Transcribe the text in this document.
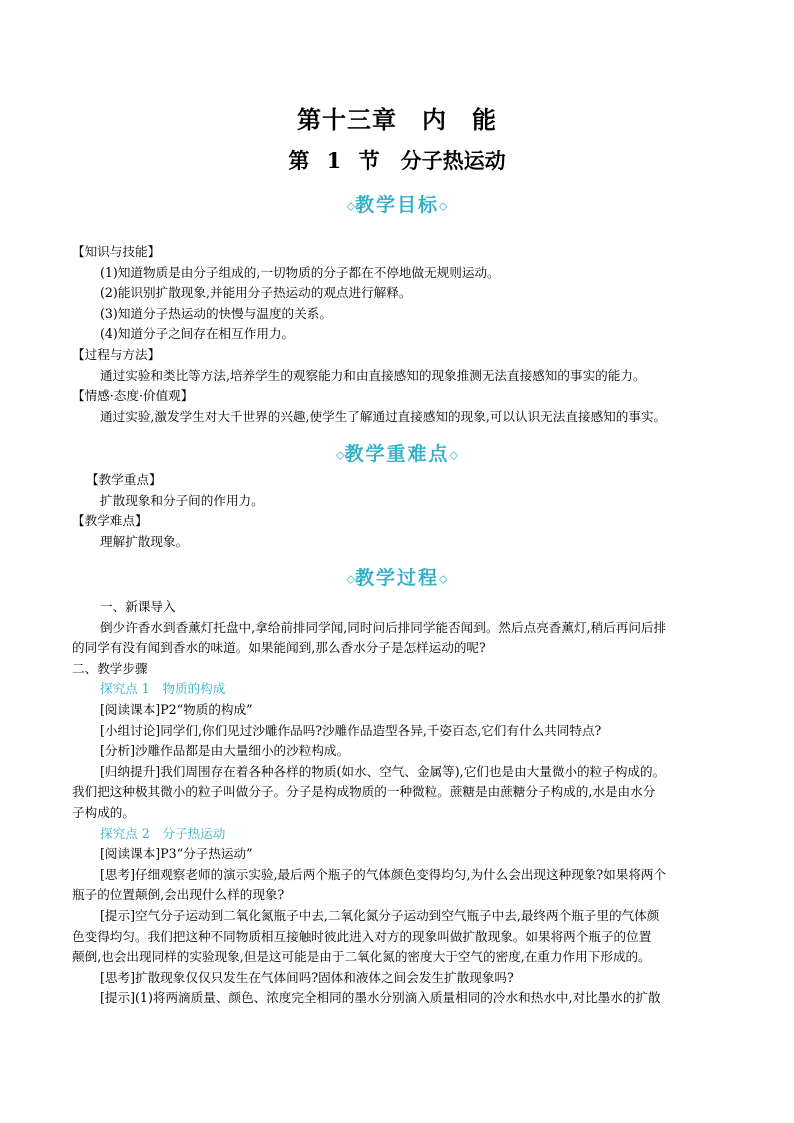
第十三章　内　能
第 1 节　分子热运动
◇教学目标◇
【知识与技能】
(1)知道物质是由分子组成的,一切物质的分子都在不停地做无规则运动。
(2)能识别扩散现象,并能用分子热运动的观点进行解释。
(3)知道分子热运动的快慢与温度的关系。
(4)知道分子之间存在相互作用力。
【过程与方法】
通过实验和类比等方法,培养学生的观察能力和由直接感知的现象推测无法直接感知的事实的能力。
【情感·态度·价值观】
通过实验,激发学生对大千世界的兴趣,使学生了解通过直接感知的现象,可以认识无法直接感知的事实。
◇教学重难点◇
【教学重点】
扩散现象和分子间的作用力。
【教学难点】
理解扩散现象。
◇教学过程◇
一、新课导入
倒少许香水到香薰灯托盘中,拿给前排同学闻,同时问后排同学能否闻到。然后点亮香薰灯,稍后再问后排
的同学有没有闻到香水的味道。如果能闻到,那么香水分子是怎样运动的呢?
二、教学步骤
探究点 1　物质的构成
[阅读课本]P2“物质的构成”
[小组讨论]同学们,你们见过沙雕作品吗?沙雕作品造型各异,千姿百态,它们有什么共同特点?
[分析]沙雕作品都是由大量细小的沙粒构成。
[归纳提升]我们周围存在着各种各样的物质(如水、空气、金属等),它们也是由大量微小的粒子构成的。
我们把这种极其微小的粒子叫做分子。分子是构成物质的一种微粒。蔗糖是由蔗糖分子构成的,水是由水分
子构成的。
探究点 2　分子热运动
[阅读课本]P3“分子热运动”
[思考]仔细观察老师的演示实验,最后两个瓶子的气体颜色变得均匀,为什么会出现这种现象?如果将两个
瓶子的位置颠倒,会出现什么样的现象?
[提示]空气分子运动到二氧化氮瓶子中去,二氧化氮分子运动到空气瓶子中去,最终两个瓶子里的气体颜
色变得均匀。我们把这种不同物质相互接触时彼此进入对方的现象叫做扩散现象。如果将两个瓶子的位置
颠倒,也会出现同样的实验现象,但是这可能是由于二氧化氮的密度大于空气的密度,在重力作用下形成的。
[思考]扩散现象仅仅只发生在气体间吗?固体和液体之间会发生扩散现象吗?
[提示](1)将两滴质量、颜色、浓度完全相同的墨水分别滴入质量相同的冷水和热水中,对比墨水的扩散
